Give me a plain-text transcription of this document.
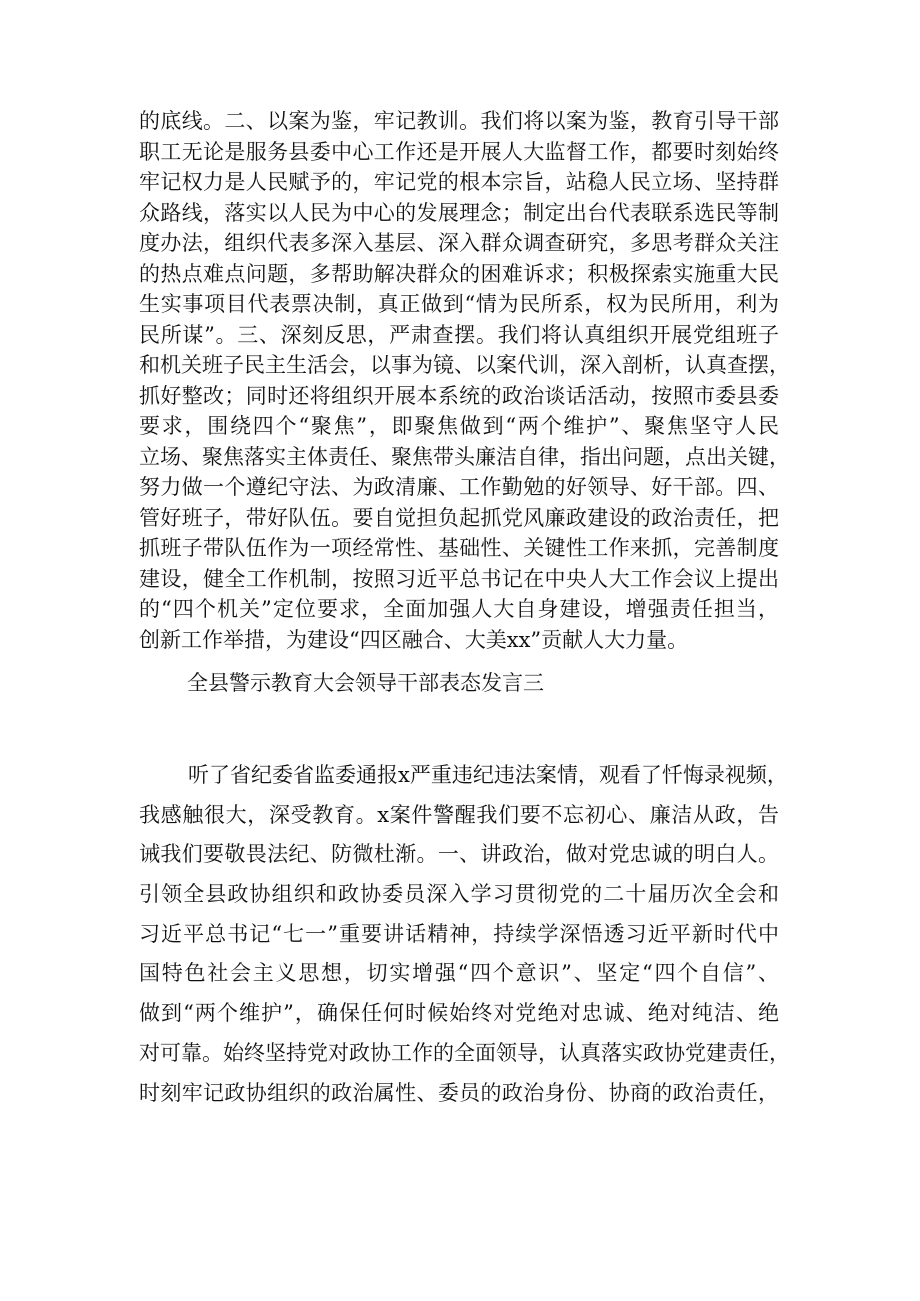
的底线。二、以案为鉴，牢记教训。我们将以案为鉴，教育引导干部
职工无论是服务县委中心工作还是开展人大监督工作，都要时刻始终
牢记权力是人民赋予的，牢记党的根本宗旨，站稳人民立场、坚持群
众路线，落实以人民为中心的发展理念；制定出台代表联系选民等制
度办法，组织代表多深入基层、深入群众调查研究，多思考群众关注
的热点难点问题，多帮助解决群众的困难诉求；积极探索实施重大民
生实事项目代表票决制，真正做到“情为民所系，权为民所用，利为
民所谋”。三、深刻反思，严肃查摆。我们将认真组织开展党组班子
和机关班子民主生活会，以事为镜、以案代训，深入剖析，认真查摆，
抓好整改；同时还将组织开展本系统的政治谈话活动，按照市委县委
要求，围绕四个“聚焦”，即聚焦做到“两个维护”、聚焦坚守人民
立场、聚焦落实主体责任、聚焦带头廉洁自律，指出问题，点出关键，
努力做一个遵纪守法、为政清廉、工作勤勉的好领导、好干部。四、
管好班子，带好队伍。要自觉担负起抓党风廉政建设的政治责任，把
抓班子带队伍作为一项经常性、基础性、关键性工作来抓，完善制度
建设，健全工作机制，按照习近平总书记在中央人大工作会议上提出
的“四个机关”定位要求，全面加强人大自身建设，增强责任担当，
创新工作举措，为建设“四区融合、大美xx”贡献人大力量。
全县警示教育大会领导干部表态发言三
听了省纪委省监委通报x严重违纪违法案情，观看了忏悔录视频，
我感触很大，深受教育。x案件警醒我们要不忘初心、廉洁从政，告
诫我们要敬畏法纪、防微杜渐。一、讲政治，做对党忠诚的明白人。
引领全县政协组织和政协委员深入学习贯彻党的二十届历次全会和
习近平总书记“七一”重要讲话精神，持续学深悟透习近平新时代中
国特色社会主义思想，切实增强“四个意识”、坚定“四个自信”、
做到“两个维护”，确保任何时候始终对党绝对忠诚、绝对纯洁、绝
对可靠。始终坚持党对政协工作的全面领导，认真落实政协党建责任，
时刻牢记政协组织的政治属性、委员的政治身份、协商的政治责任，
